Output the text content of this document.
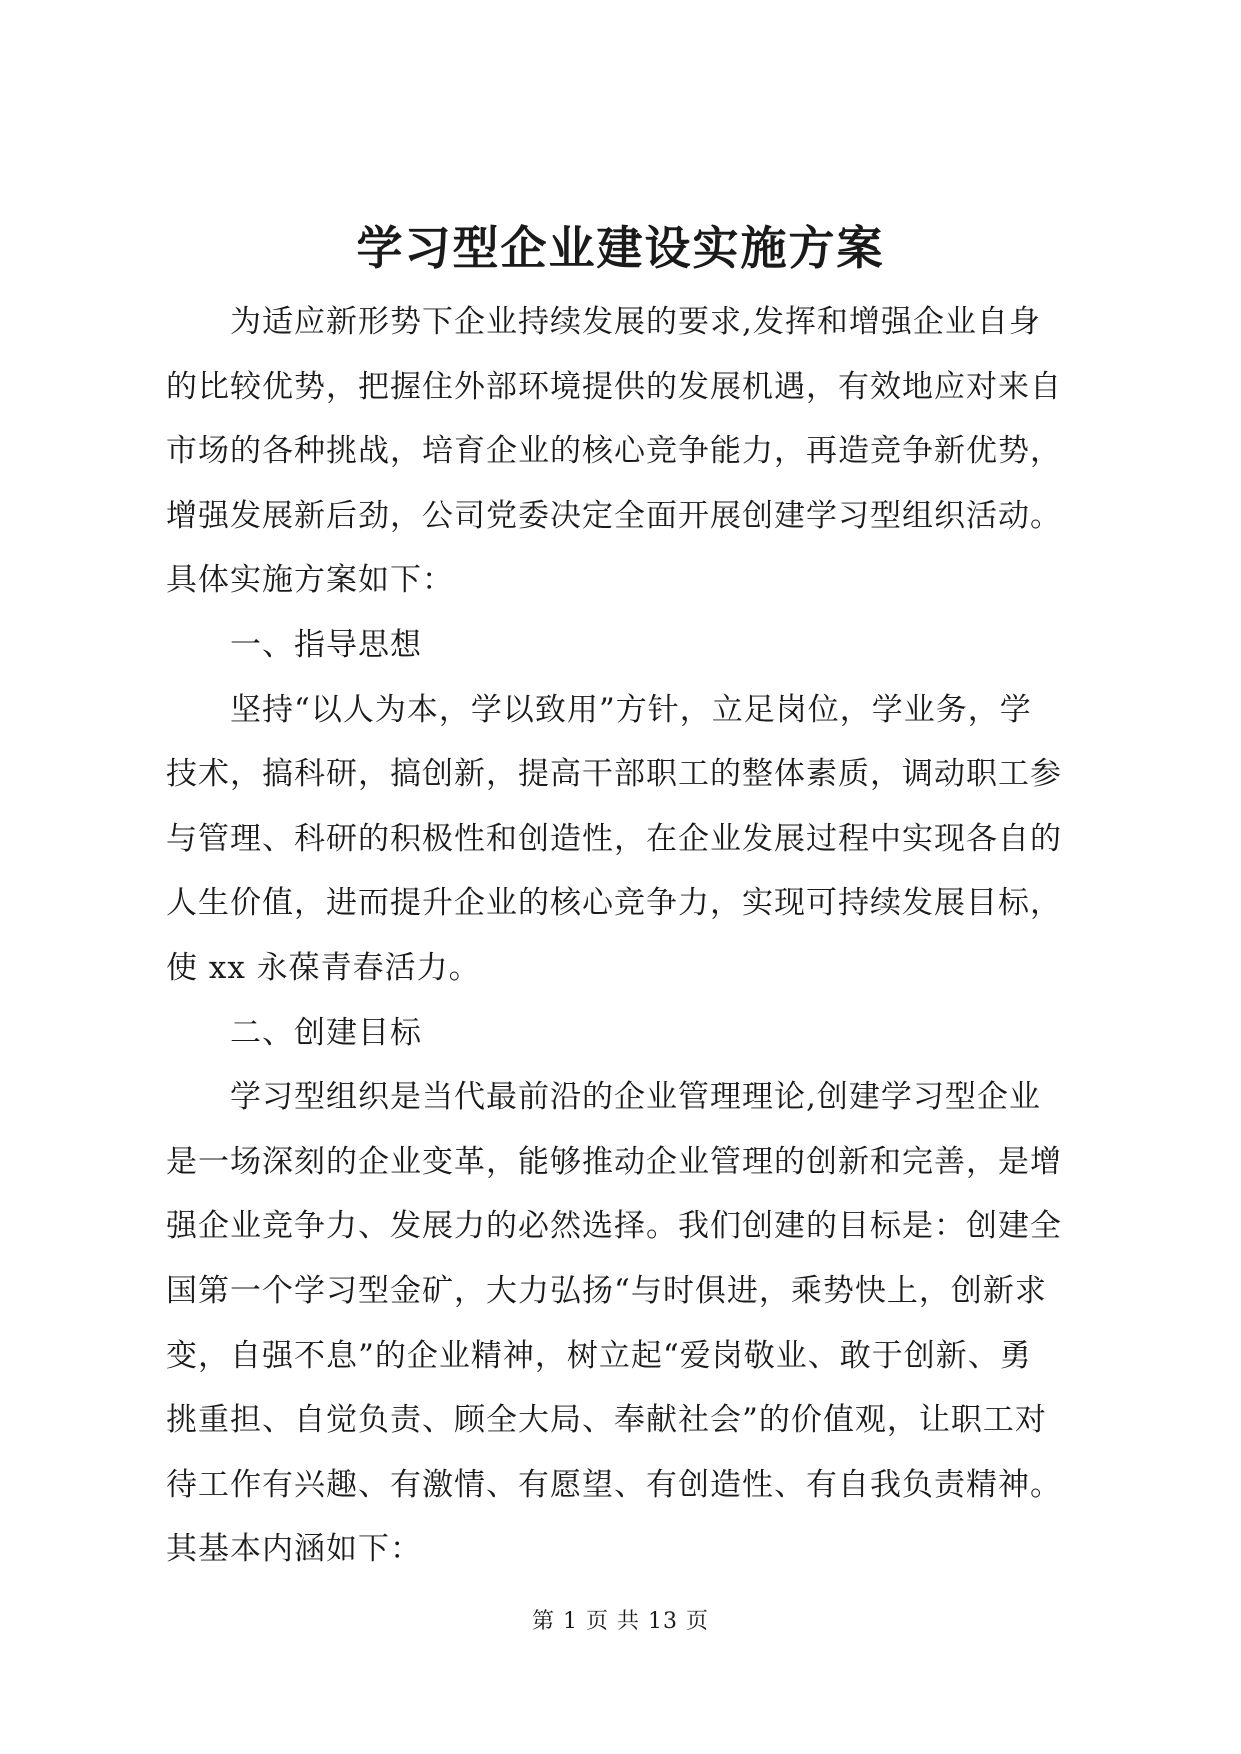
学习型企业建设实施方案
为适应新形势下企业持续发展的要求,发挥和增强企业自身
的比较优势，把握住外部环境提供的发展机遇，有效地应对来自
市场的各种挑战，培育企业的核心竞争能力，再造竞争新优势，
增强发展新后劲，公司党委决定全面开展创建学习型组织活动。
具体实施方案如下：
一、指导思想
坚持“以人为本，学以致用”方针，立足岗位，学业务，学
技术，搞科研，搞创新，提高干部职工的整体素质，调动职工参
与管理、科研的积极性和创造性，在企业发展过程中实现各自的
人生价值，进而提升企业的核心竞争力，实现可持续发展目标，
使 xx 永葆青春活力。
二、创建目标
学习型组织是当代最前沿的企业管理理论,创建学习型企业
是一场深刻的企业变革，能够推动企业管理的创新和完善，是增
强企业竞争力、发展力的必然选择。我们创建的目标是：创建全
国第一个学习型金矿，大力弘扬“与时俱进，乘势快上，创新求
变，自强不息”的企业精神，树立起“爱岗敬业、敢于创新、勇
挑重担、自觉负责、顾全大局、奉献社会”的价值观，让职工对
待工作有兴趣、有激情、有愿望、有创造性、有自我负责精神。
其基本内涵如下：
第 1 页 共 13 页
